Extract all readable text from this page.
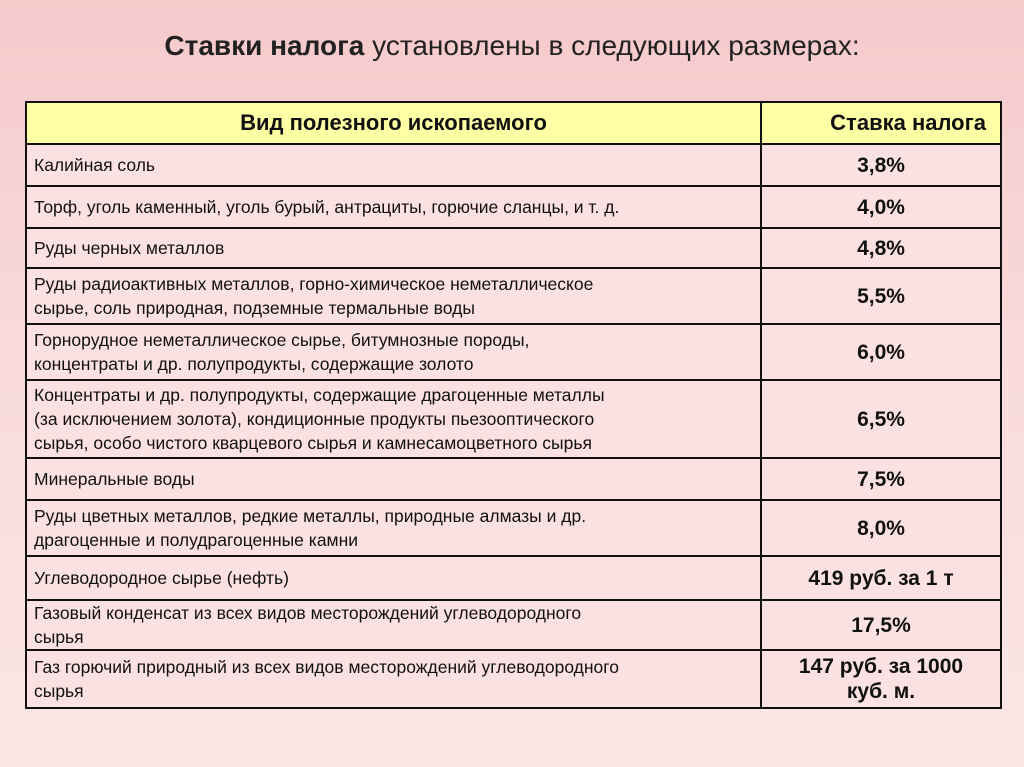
Ставки налога установлены в следующих размерах:
Вид полезного ископаемого	Ставка налога

Калийная соль	3,8%

Торф, уголь каменный, уголь бурый, антрациты, горючие сланцы, и т. д.	4,0%

Руды черных металлов	4,8%

Руды радиоактивных металлов, горно-химическое неметаллическое
сырье, соль природная, подземные термальные воды	5,5%

Горнорудное неметаллическое сырье, битумнозные породы,
концентраты и др. полупродукты, содержащие золото	6,0%

Концентраты и др. полупродукты, содержащие драгоценные металлы
(за исключением золота), кондиционные продукты пьезооптического
сырья, особо чистого кварцевого сырья и камнесамоцветного сырья	6,5%

Минеральные воды	7,5%

Руды цветных металлов, редкие металлы, природные алмазы и др.
драгоценные и полудрагоценные камни	8,0%

Углеводородное сырье (нефть)	419 руб. за 1 т

Газовый конденсат из всех видов месторождений углеводородного
сырья	17,5%

Газ горючий природный из всех видов месторождений углеводородного
сырья	147 руб. за 1000
куб. м.
